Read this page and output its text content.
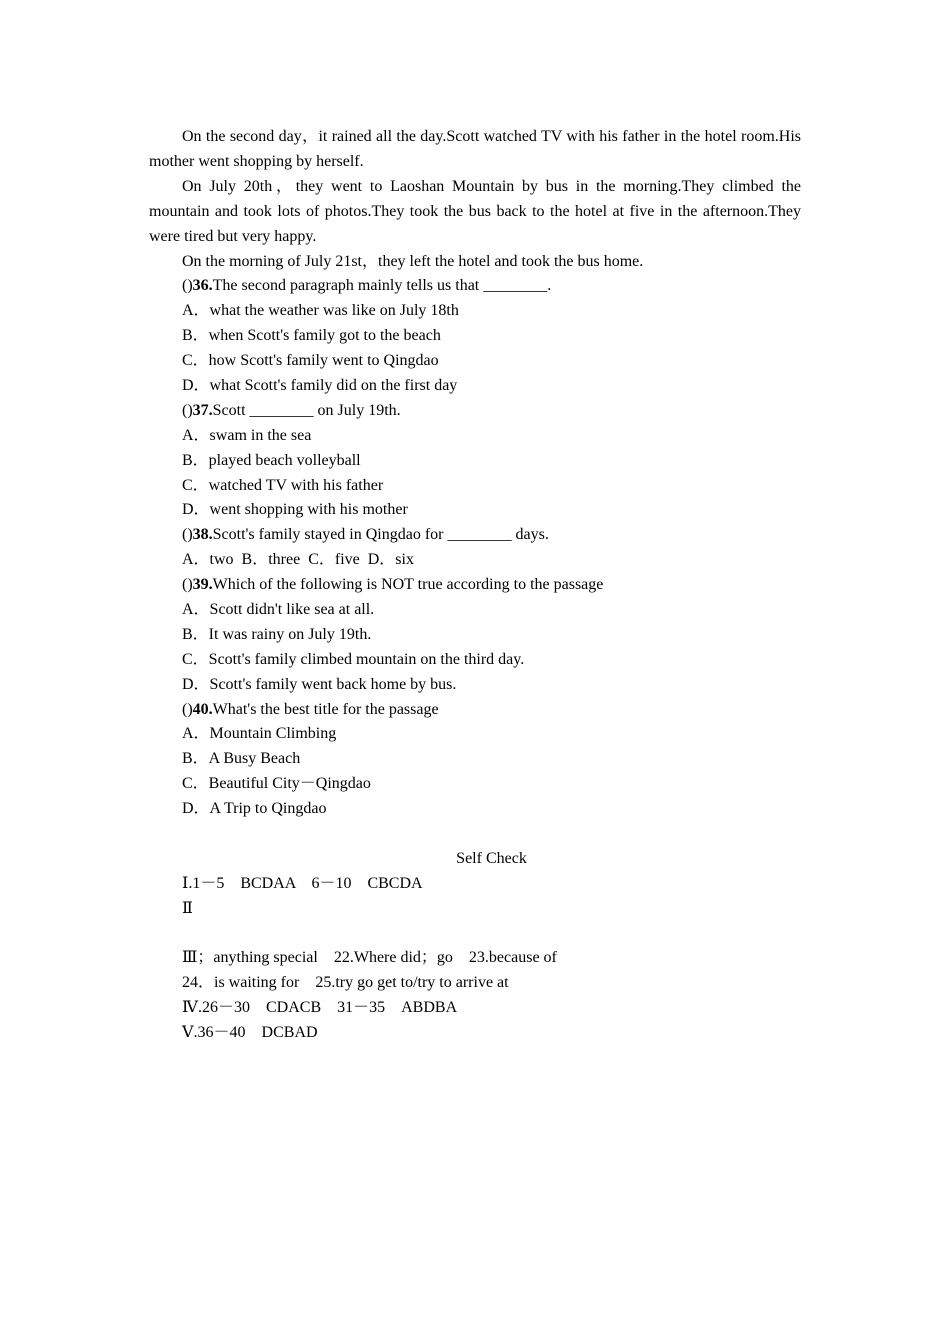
On the second day，it rained all the day.Scott watched TV with his father in the hotel room.His mother went shopping by herself.

On July 20th，they went to Laoshan Mountain by bus in the morning.They climbed the mountain and took lots of photos.They took the bus back to the hotel at five in the afternoon.They were tired but very happy.

On the morning of July 21st，they left the hotel and took the bus home.

()36.The second paragraph mainly tells us that ________.
A．what the weather was like on July 18th
B．when Scott's family got to the beach
C．how Scott's family went to Qingdao
D．what Scott's family did on the first day
()37.Scott ________ on July 19th.
A．swam in the sea
B．played beach volleyball
C．watched TV with his father
D．went shopping with his mother
()38.Scott's family stayed in Qingdao for ________ days.
A．two  B．three  C．five  D．six
()39.Which of the following is NOT true according to the passage
A．Scott didn't like sea at all.
B．It was rainy on July 19th.
C．Scott's family climbed mountain on the third day.
D．Scott's family went back home by bus.
()40.What's the best title for the passage
A．Mountain Climbing
B．A Busy Beach
C．Beautiful City－Qingdao
D．A Trip to Qingdao
Self Check
Ⅰ.1－5　BCDAA　6－10　CBCDA
Ⅱ
Ⅲ；anything special　22.Where did；go　23.because of
24．is waiting for　25.try go get to/try to arrive at
Ⅳ.26－30　CDACB　31－35　ABDBA
Ⅴ.36－40　DCBAD
